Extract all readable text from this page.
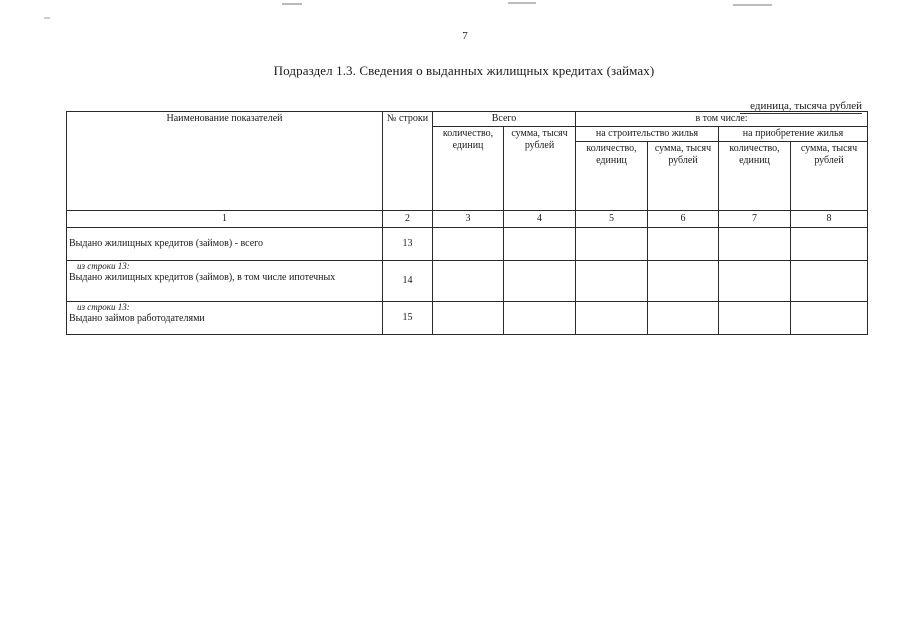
7
Подраздел 1.3. Сведения о выданных жилищных кредитах (займах)
единица, тысяча рублей
Наименование показателей	№ строки	Всего		в том числе:			
		количество, единиц	сумма, тысяч рублей	на строительство жилья		на приобретение жилья	
				количество, единиц	сумма, тысяч рублей	количество, единиц	сумма, тысяч рублей
1	2	3	4	5	6	7	8

Выдано жилищных кредитов (займов) - всего	13						

из строки 13:
Выдано жилищных кредитов (займов), в том числе ипотечных	14						

из строки 13:
Выдано займов работодателями	15						
